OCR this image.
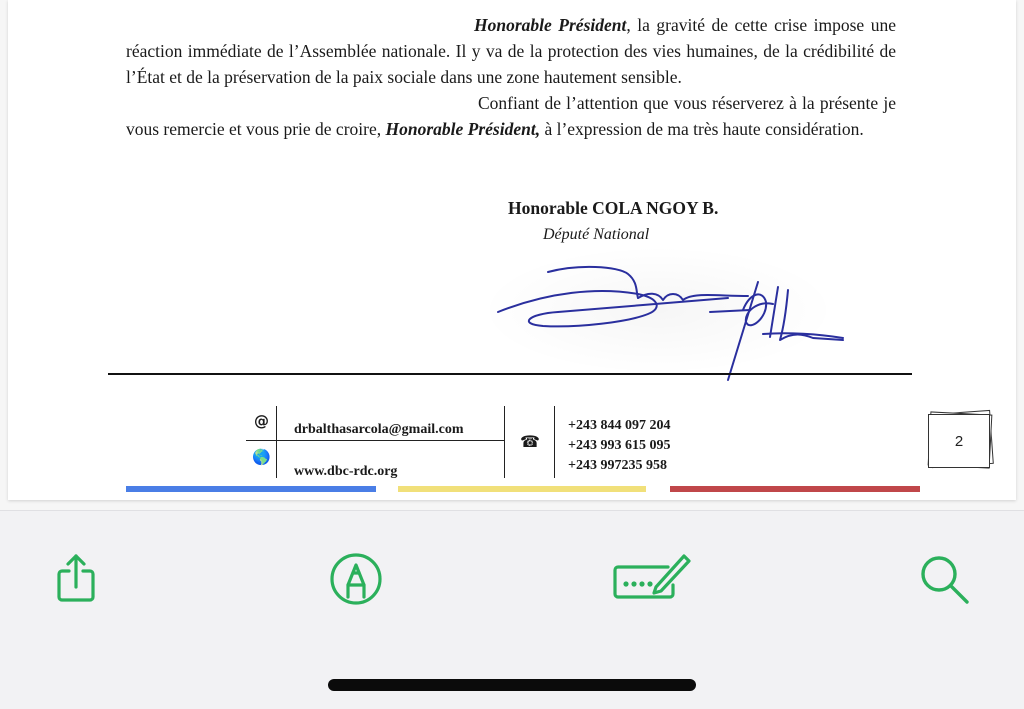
Honorable Président, la gravité de cette crise impose une réaction immédiate de l’Assemblée nationale. Il y va de la protection des vies humaines, de la crédibilité de l’État et de la préservation de la paix sociale dans une zone hautement sensible.

Confiant de l’attention que vous réserverez à la présente je vous remercie et vous prie de croire, Honorable Président, à l’expression de ma très haute considération.

Honorable COLA NGOY B.
Député National
@
🌎
drbalthasarcola@gmail.com
www.dbc-rdc.org
☎
+243 844 097 204
+243 993 615 095
+243 997235 958
2
